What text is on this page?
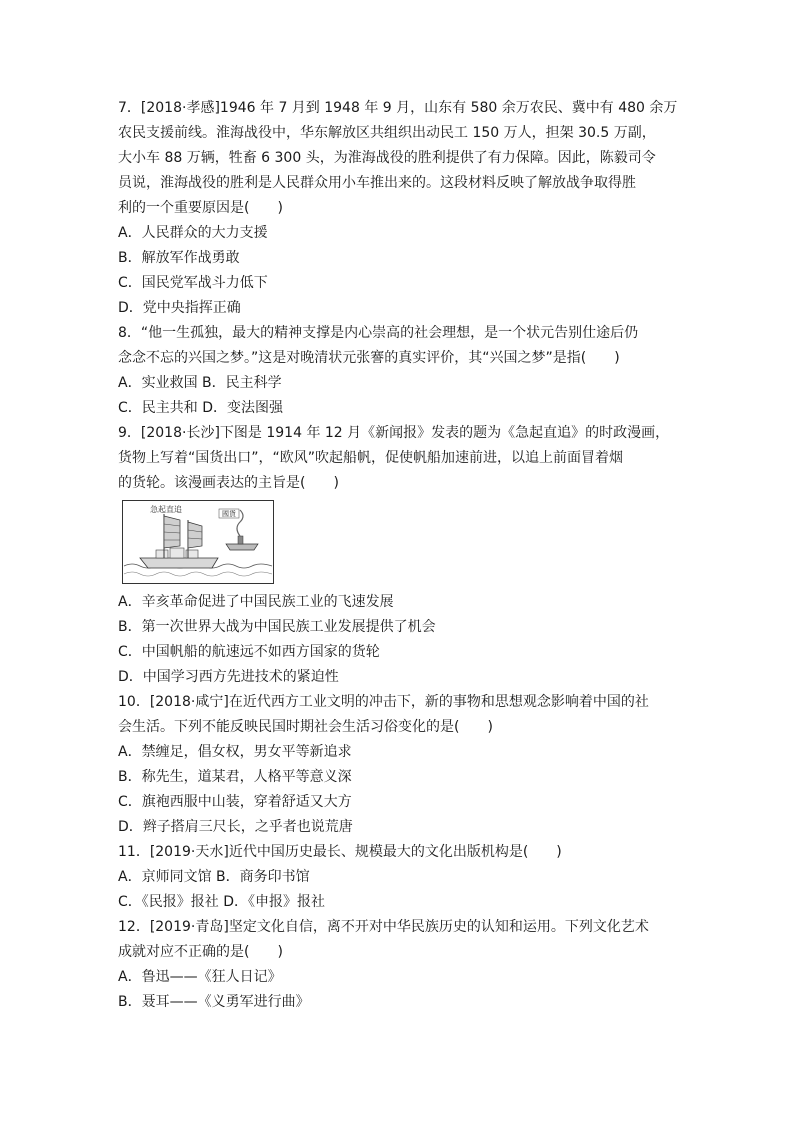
7．[2018·孝感]1946 年 7 月到 1948 年 9 月，山东有 580 余万农民、冀中有 480 余万
农民支援前线。淮海战役中，华东解放区共组织出动民工 150 万人，担架 30.5 万副，
大小车 88 万辆，牲畜 6 300 头，为淮海战役的胜利提供了有力保障。因此，陈毅司令
员说，淮海战役的胜利是人民群众用小车推出来的。这段材料反映了解放战争取得胜
利的一个重要原因是(　　)
A．人民群众的大力支援
B．解放军作战勇敢
C．国民党军战斗力低下
D．党中央指挥正确
8．“他一生孤独，最大的精神支撑是内心崇高的社会理想，是一个状元告别仕途后仍
念念不忘的兴国之梦。”这是对晚清状元张謇的真实评价，其“兴国之梦”是指(　　)
A．实业救国 B．民主科学
C．民主共和 D．变法图强
9．[2018·长沙]下图是 1914 年 12 月《新闻报》发表的题为《急起直追》的时政漫画，
货物上写着“国货出口”，“欧风”吹起船帆，促使帆船加速前进，以追上前面冒着烟
的货轮。该漫画表达的主旨是(　　)
急起直追	國貨
A．辛亥革命促进了中国民族工业的飞速发展
B．第一次世界大战为中国民族工业发展提供了机会
C．中国帆船的航速远不如西方国家的货轮
D．中国学习西方先进技术的紧迫性
10．[2018·咸宁]在近代西方工业文明的冲击下，新的事物和思想观念影响着中国的社
会生活。下列不能反映民国时期社会生活习俗变化的是(　　)
A．禁缠足，倡女权，男女平等新追求
B．称先生，道某君，人格平等意义深
C．旗袍西服中山装，穿着舒适又大方
D．辫子搭肩三尺长，之乎者也说荒唐
11．[2019·天水]近代中国历史最长、规模最大的文化出版机构是(　　)
A．京师同文馆 B．商务印书馆
C．《民报》报社 D．《申报》报社
12．[2019·青岛]坚定文化自信，离不开对中华民族历史的认知和运用。下列文化艺术
成就对应不正确的是(　　)
A．鲁迅——《狂人日记》
B．聂耳——《义勇军进行曲》
